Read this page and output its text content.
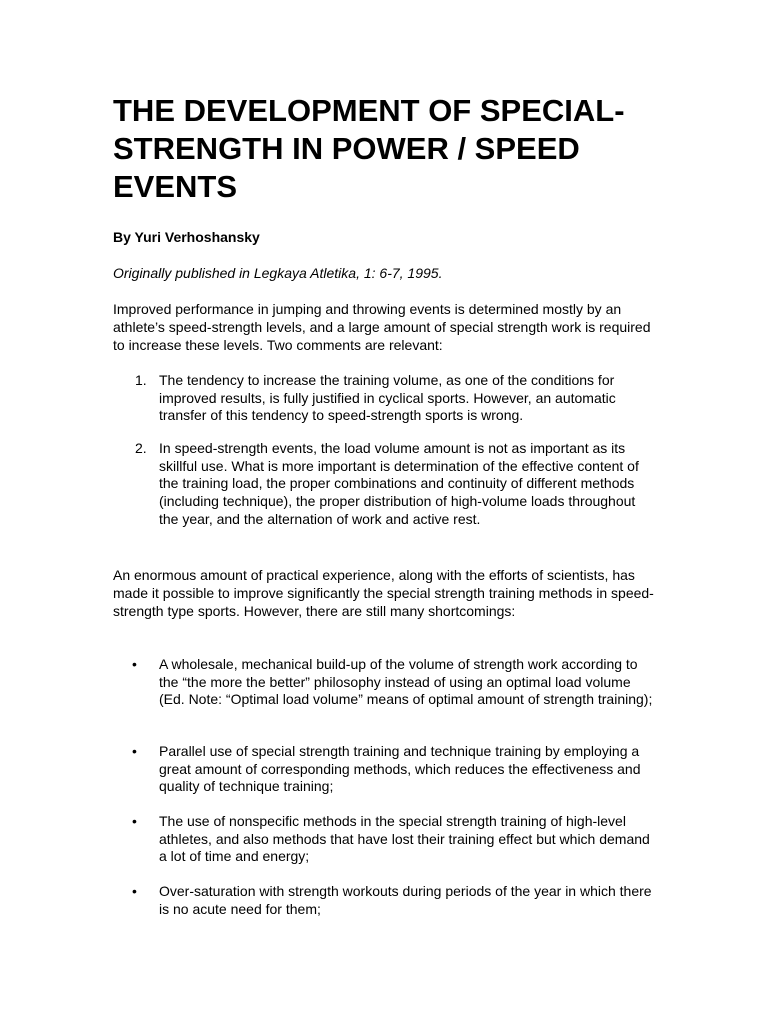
THE DEVELOPMENT OF SPECIAL-
STRENGTH IN POWER / SPEED
EVENTS

By Yuri Verhoshansky

Originally published in Legkaya Atletika, 1: 6-7, 1995.

Improved performance in jumping and throwing events is determined mostly by an athlete’s speed-strength levels, and a large amount of special strength work is required to increase these levels. Two comments are relevant:

1. The tendency to increase the training volume, as one of the conditions for improved results, is fully justified in cyclical sports. However, an automatic transfer of this tendency to speed-strength sports is wrong.
2. In speed-strength events, the load volume amount is not as important as its skillful use. What is more important is determination of the effective content of the training load, the proper combinations and continuity of different methods (including technique), the proper distribution of high-volume loads throughout the year, and the alternation of work and active rest.

An enormous amount of practical experience, along with the efforts of scientists, has made it possible to improve significantly the special strength training methods in speed-strength type sports. However, there are still many shortcomings:

• A wholesale, mechanical build-up of the volume of strength work according to the “the more the better” philosophy instead of using an optimal load volume (Ed. Note: “Optimal load volume” means of optimal amount of strength training);
• Parallel use of special strength training and technique training by employing a great amount of corresponding methods, which reduces the effectiveness and quality of technique training;
• The use of nonspecific methods in the special strength training of high-level athletes, and also methods that have lost their training effect but which demand a lot of time and energy;
• Over-saturation with strength workouts during periods of the year in which there is no acute need for them;
